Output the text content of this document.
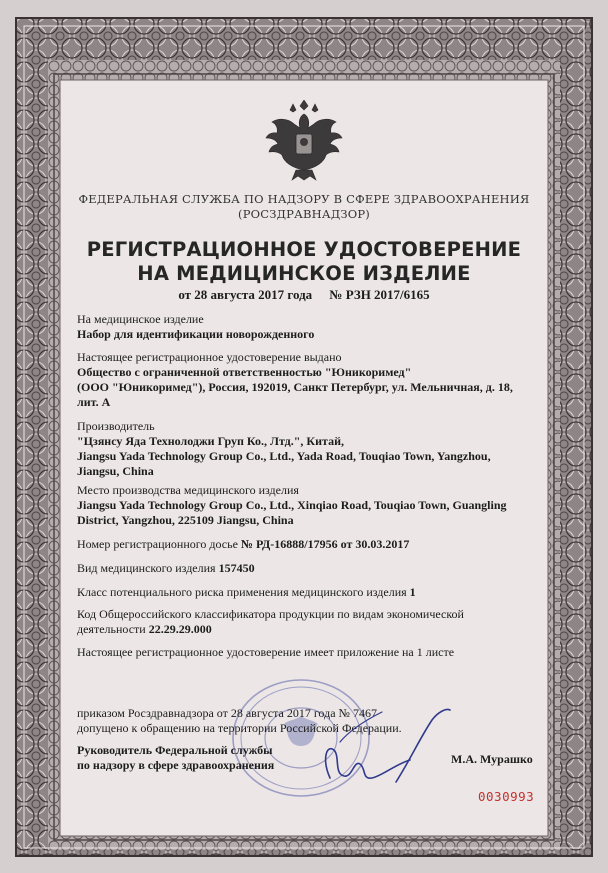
ФЕДЕРАЛЬНАЯ СЛУЖБА ПО НАДЗОРУ В СФЕРЕ ЗДРАВООХРАНЕНИЯ
(РОСЗДРАВНАДЗОР)
РЕГИСТРАЦИОННОЕ УДОСТОВЕРЕНИЕ
НА МЕДИЦИНСКОЕ ИЗДЕЛИЕ
от 28 августа 2017 года № РЗН 2017/6165
На медицинское изделие
Набор для идентификации новорожденного
Настоящее регистрационное удостоверение выдано
Общество с ограниченной ответственностью "Юникоримед"
(ООО "Юникоримед"), Россия, 192019, Санкт Петербург, ул. Мельничная, д. 18,
лит. А
Производитель
"Цзянсу Яда Технолоджи Груп Ко., Лтд.", Китай,
Jiangsu Yada Technology Group Co., Ltd., Yada Road, Touqiao Town, Yangzhou,
Jiangsu, China
Место производства медицинского изделия
Jiangsu Yada Technology Group Co., Ltd., Xinqiao Road, Touqiao Town, Guangling
District, Yangzhou, 225109 Jiangsu, China
Номер регистрационного досье № РД-16888/17956 от 30.03.2017
Вид медицинского изделия 157450
Класс потенциального риска применения медицинского изделия 1
Код Общероссийского классификатора продукции по видам экономической
деятельности 22.29.29.000
Настоящее регистрационное удостоверение имеет приложение на 1 листе
приказом Росздравнадзора от 28 августа 2017 года № 7467
допущено к обращению на территории Российской Федерации.
Руководитель Федеральной службы
по надзору в сфере здравоохранения	М.А. Мурашко
0030993
